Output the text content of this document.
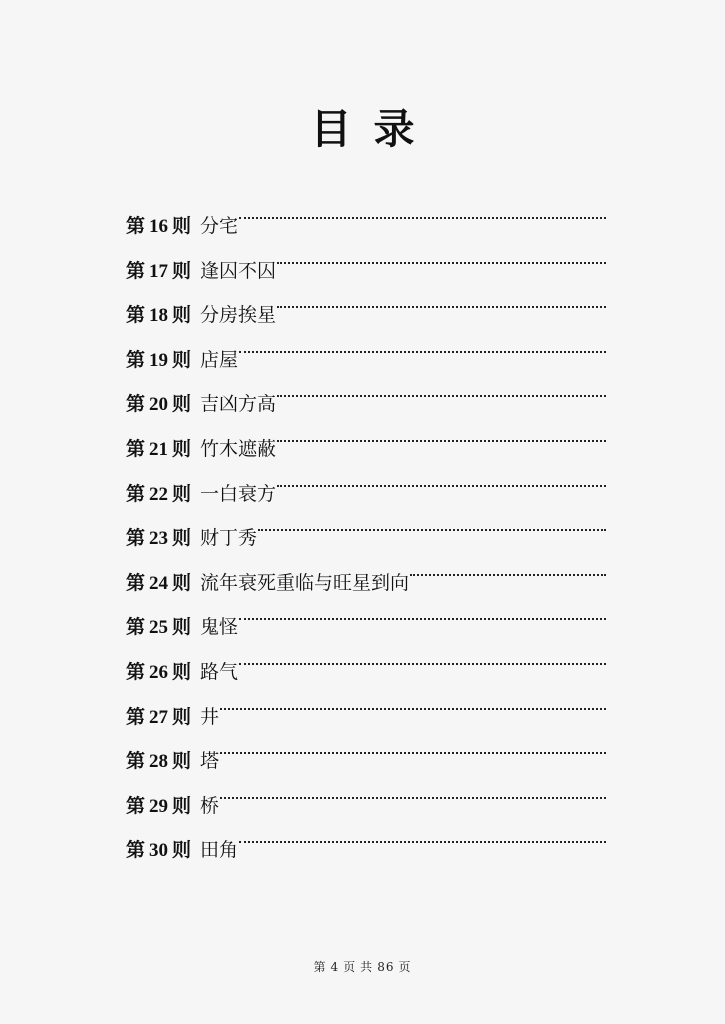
目 录
第 16 则 分宅
第 17 则 逢囚不囚
第 18 则 分房挨星
第 19 则 店屋
第 20 则 吉凶方高
第 21 则 竹木遮蔽
第 22 则 一白衰方
第 23 则 财丁秀
第 24 则 流年衰死重临与旺星到向
第 25 则 鬼怪
第 26 则 路气
第 27 则 井
第 28 则 塔
第 29 则 桥
第 30 则 田角
第 4 页 共 86 页
